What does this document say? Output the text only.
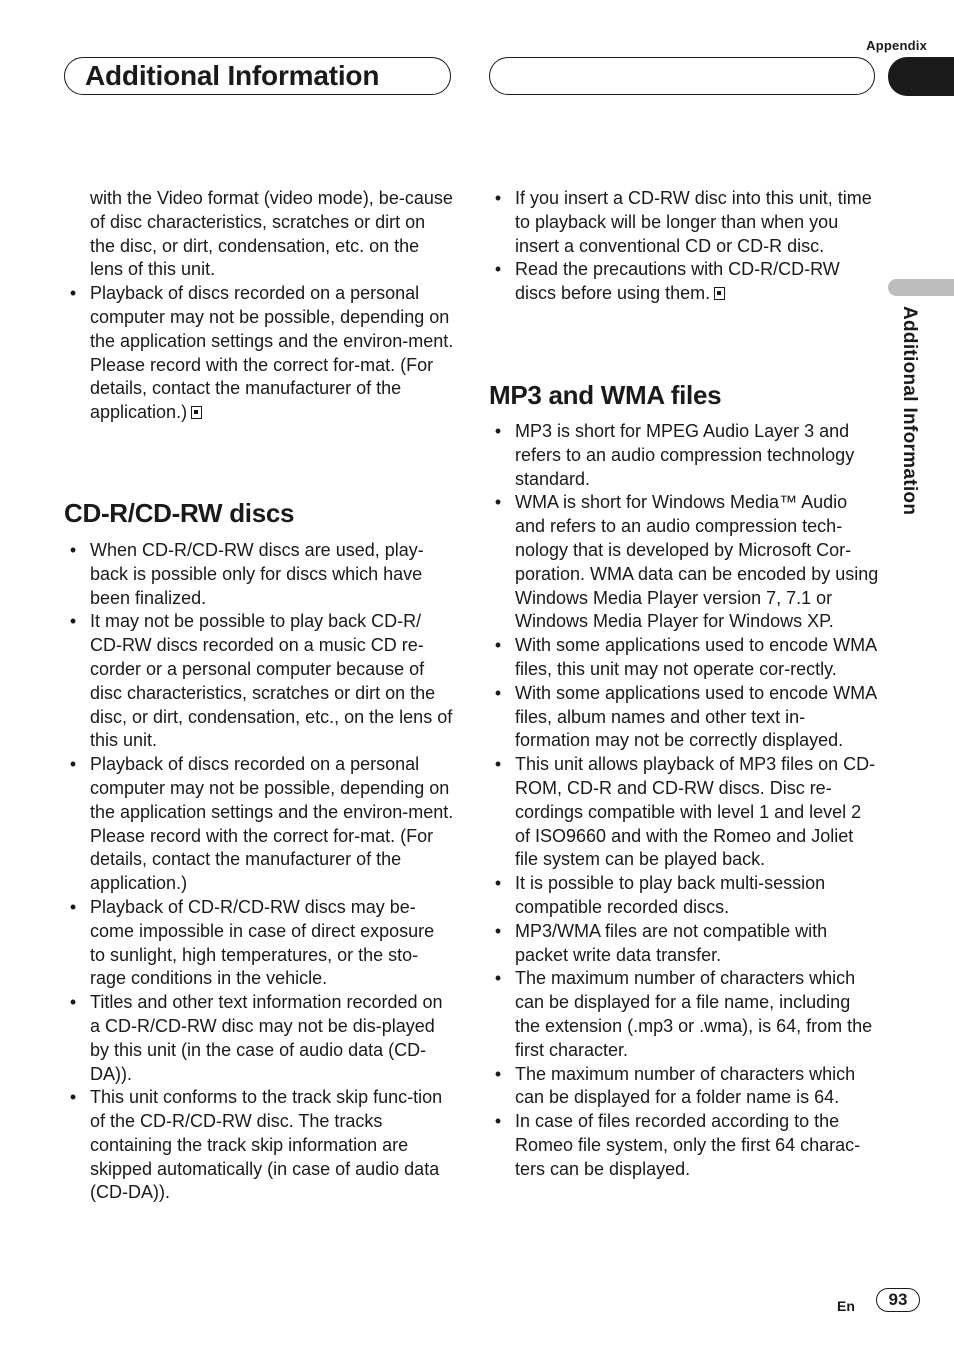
Appendix
Additional Information
Additional Information

with the Video format (video mode), be-cause of disc characteristics, scratches or dirt on the disc, or dirt, condensation, etc. on the lens of this unit.

• Playback of discs recorded on a personal computer may not be possible, depending on the application settings and the environ-ment. Please record with the correct for-mat. (For details, contact the manufacturer of the application.)
CD-R/CD-RW discs
• When CD-R/CD-RW discs are used, play-back is possible only for discs which have been finalized.
• It may not be possible to play back CD-R/ CD-RW discs recorded on a music CD re-corder or a personal computer because of disc characteristics, scratches or dirt on the disc, or dirt, condensation, etc., on the lens of this unit.
• Playback of discs recorded on a personal computer may not be possible, depending on the application settings and the environ-ment. Please record with the correct for-mat. (For details, contact the manufacturer of the application.)
• Playback of CD-R/CD-RW discs may be-come impossible in case of direct exposure to sunlight, high temperatures, or the sto-rage conditions in the vehicle.
• Titles and other text information recorded on a CD-R/CD-RW disc may not be dis-played by this unit (in the case of audio data (CD-DA)).
• This unit conforms to the track skip func-tion of the CD-R/CD-RW disc. The tracks containing the track skip information are skipped automatically (in case of audio data (CD-DA)).
• If you insert a CD-RW disc into this unit, time to playback will be longer than when you insert a conventional CD or CD-R disc.
• Read the precautions with CD-R/CD-RW discs before using them.
MP3 and WMA files
• MP3 is short for MPEG Audio Layer 3 and refers to an audio compression technology standard.
• WMA is short for Windows Media™ Audio and refers to an audio compression tech-nology that is developed by Microsoft Cor-poration. WMA data can be encoded by using Windows Media Player version 7, 7.1 or Windows Media Player for Windows XP.
• With some applications used to encode WMA files, this unit may not operate cor-rectly.
• With some applications used to encode WMA files, album names and other text in-formation may not be correctly displayed.
• This unit allows playback of MP3 files on CD-ROM, CD-R and CD-RW discs. Disc re-cordings compatible with level 1 and level 2 of ISO9660 and with the Romeo and Joliet file system can be played back.
• It is possible to play back multi-session compatible recorded discs.
• MP3/WMA files are not compatible with packet write data transfer.
• The maximum number of characters which can be displayed for a file name, including the extension (.mp3 or .wma), is 64, from the first character.
• The maximum number of characters which can be displayed for a folder name is 64.
• In case of files recorded according to the Romeo file system, only the first 64 charac-ters can be displayed.
En	93
